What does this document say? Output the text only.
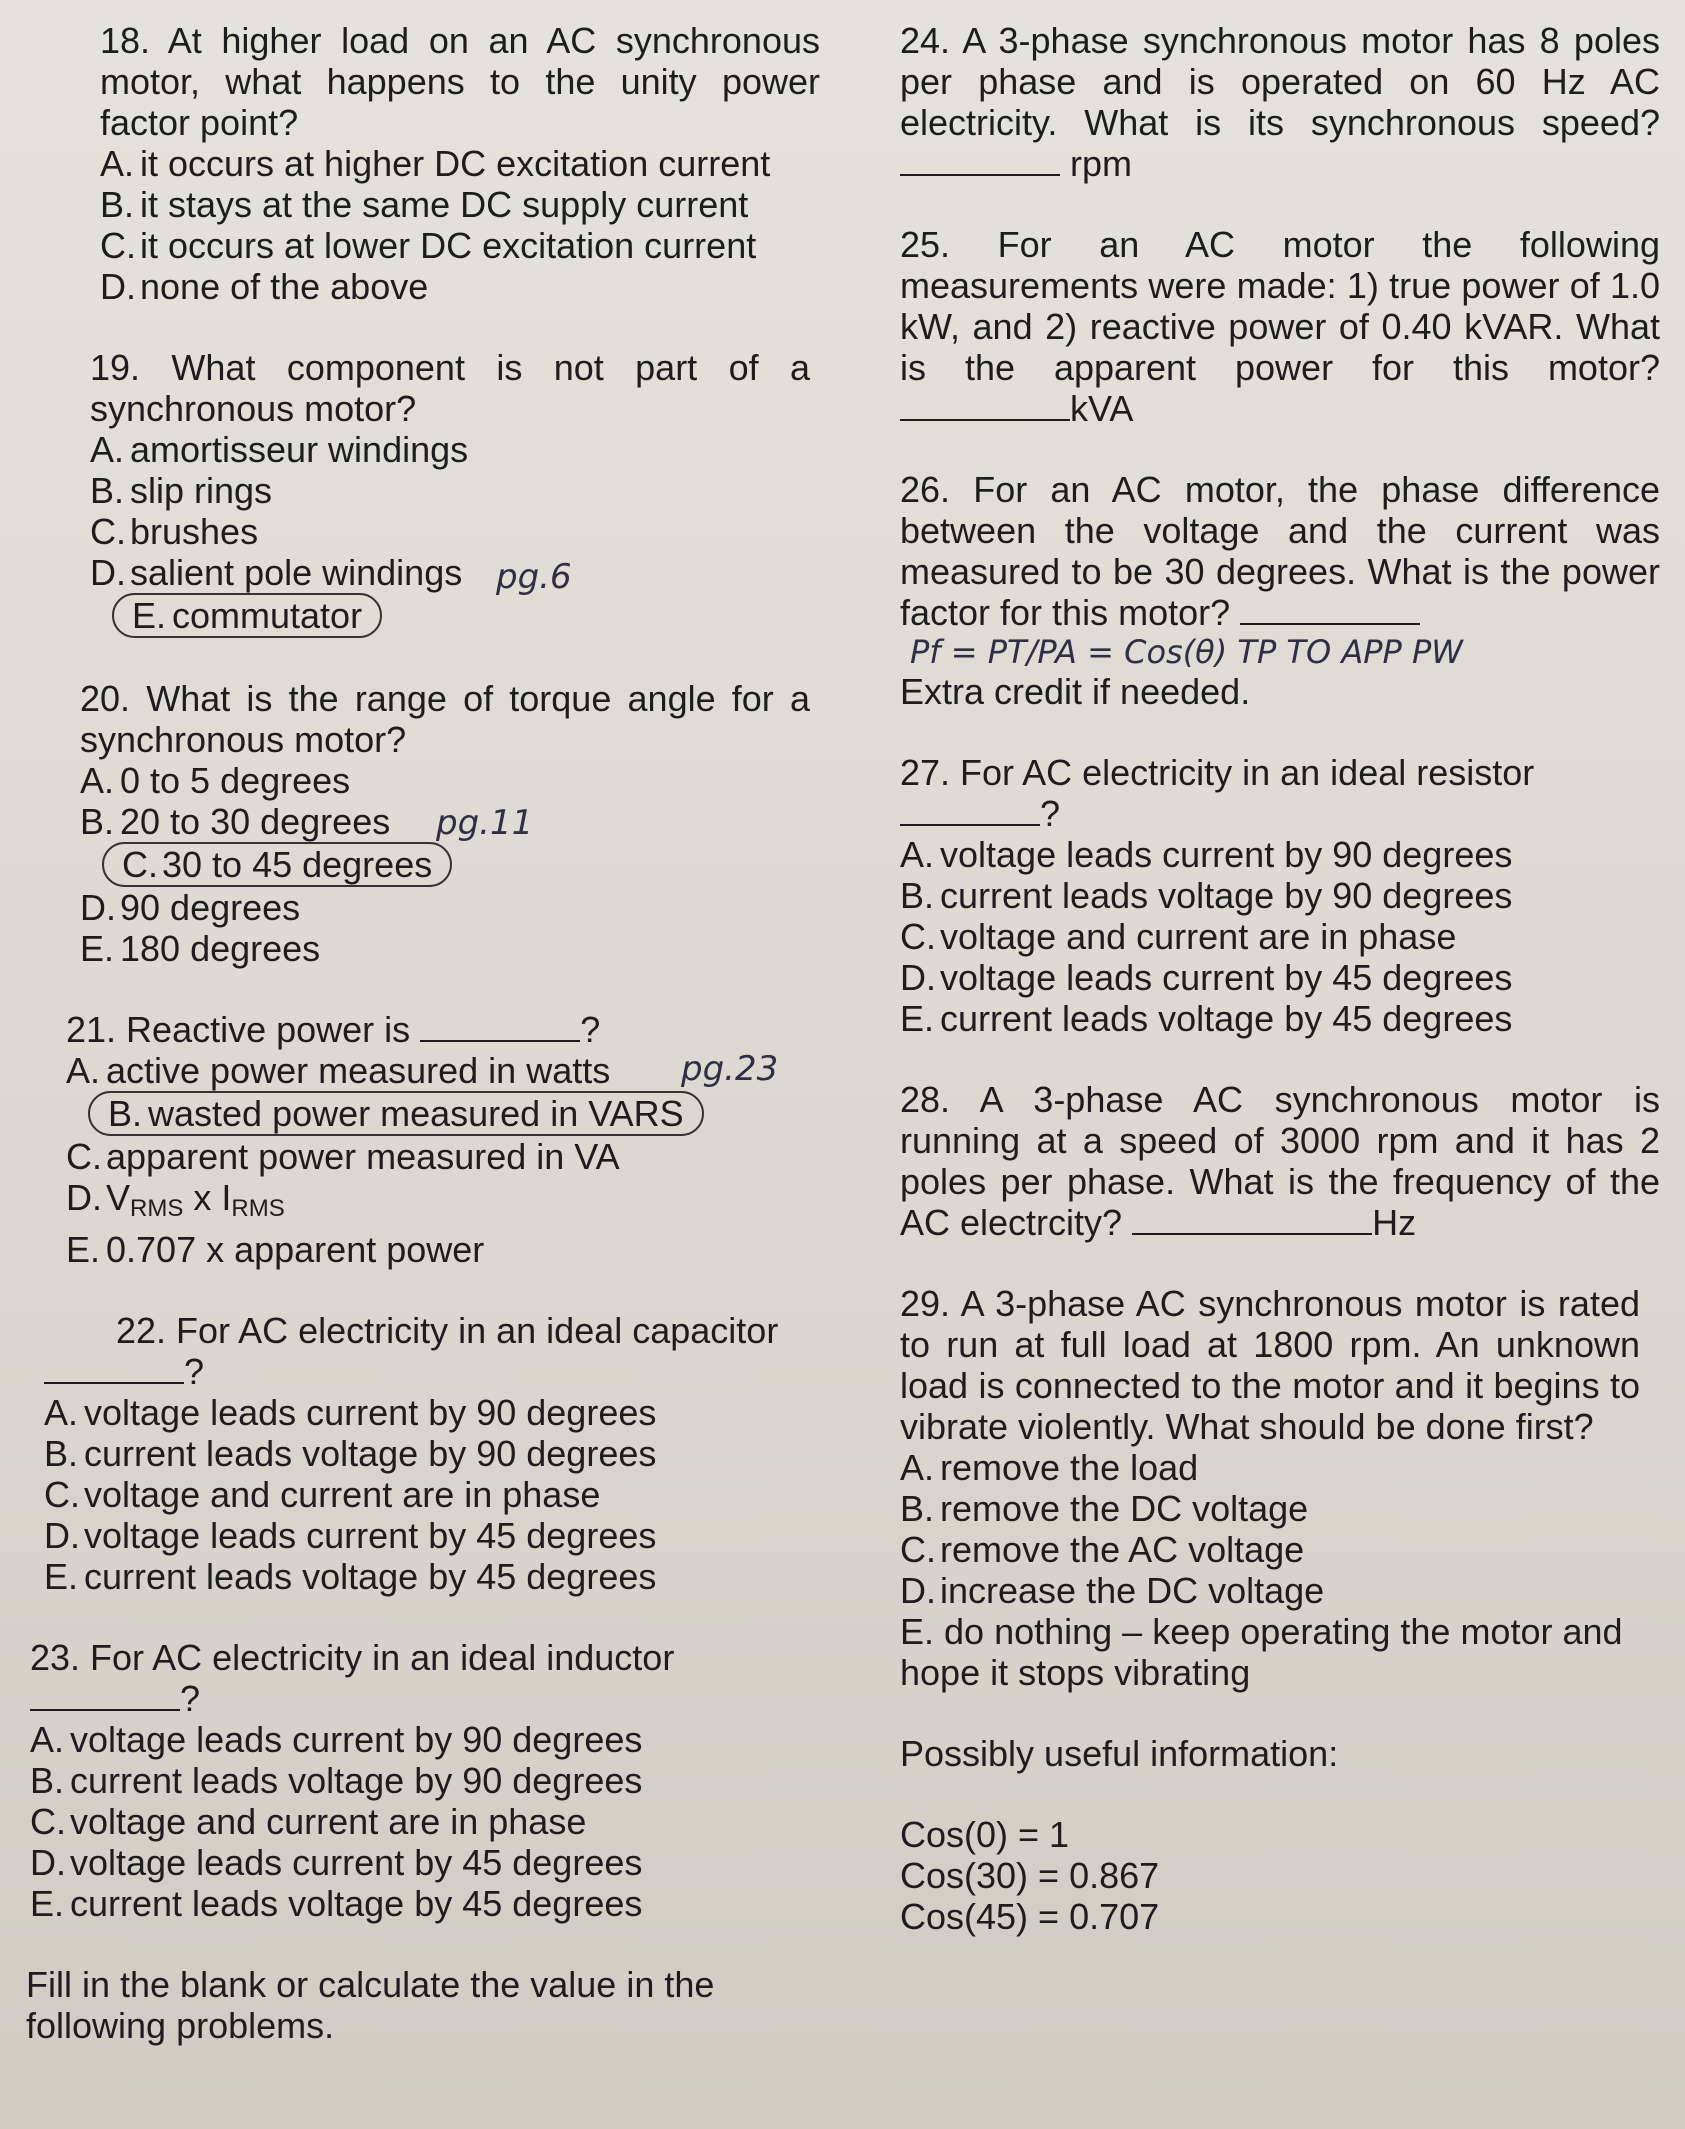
18. At higher load on an AC synchronous motor, what happens to the unity power factor point?
A. it occurs at higher DC excitation current
B. it stays at the same DC supply current
C. it occurs at lower DC excitation current
D. none of the above
19. What component is not part of a synchronous motor?
A. amortisseur windings
B. slip rings
C. brushes
D. salient pole windings
E. commutator
pg.6
20. What is the range of torque angle for a synchronous motor?
A. 0 to 5 degrees
B. 20 to 30 degrees
C. 30 to 45 degrees
D. 90 degrees
E. 180 degrees
pg.11
21. Reactive power is	?
A. active power measured in watts
B. wasted power measured in VARS
C. apparent power measured in VA
D. $V_{RMS}$ x $I_{RMS}$
E. 0.707 x apparent power
pg.23
22. For AC electricity in an ideal capacitor
?
A. voltage leads current by 90 degrees
B. current leads voltage by 90 degrees
C. voltage and current are in phase
D. voltage leads current by 45 degrees
E. current leads voltage by 45 degrees
23. For AC electricity in an ideal inductor
?
A. voltage leads current by 90 degrees
B. current leads voltage by 90 degrees
C. voltage and current are in phase
D. voltage leads current by 45 degrees
E. current leads voltage by 45 degrees
Fill in the blank or calculate the value in the following problems.
24. A 3-phase synchronous motor has 8 poles per phase and is operated on 60 Hz AC electricity. What is its synchronous speed?  rpm
25. For an AC motor the following measurements were made: 1) true power of 1.0 kW, and 2) reactive power of 0.40 kVAR. What is the apparent power for this motor? kVA
26. For an AC motor, the phase difference between the voltage and the current was measured to be 30 degrees. What is the power factor for this motor?
Pf = PT/PA = Cos(θ) TP TO APP PW
Extra credit if needed.
27. For AC electricity in an ideal resistor
?
A. voltage leads current by 90 degrees
B. current leads voltage by 90 degrees
C. voltage and current are in phase
D. voltage leads current by 45 degrees
E. current leads voltage by 45 degrees
28. A 3-phase AC synchronous motor is running at a speed of 3000 rpm and it has 2 poles per phase. What is the frequency of the AC electrcity?	Hz
29. A 3-phase AC synchronous motor is rated to run at full load at 1800 rpm. An unknown load is connected to the motor and it begins to vibrate violently. What should be done first?
A. remove the load
B. remove the DC voltage
C. remove the AC voltage
D. increase the DC voltage
E. do nothing – keep operating the motor and hope it stops vibrating
Possibly useful information:
Cos(0) = 1
Cos(30) = 0.867
Cos(45) = 0.707
